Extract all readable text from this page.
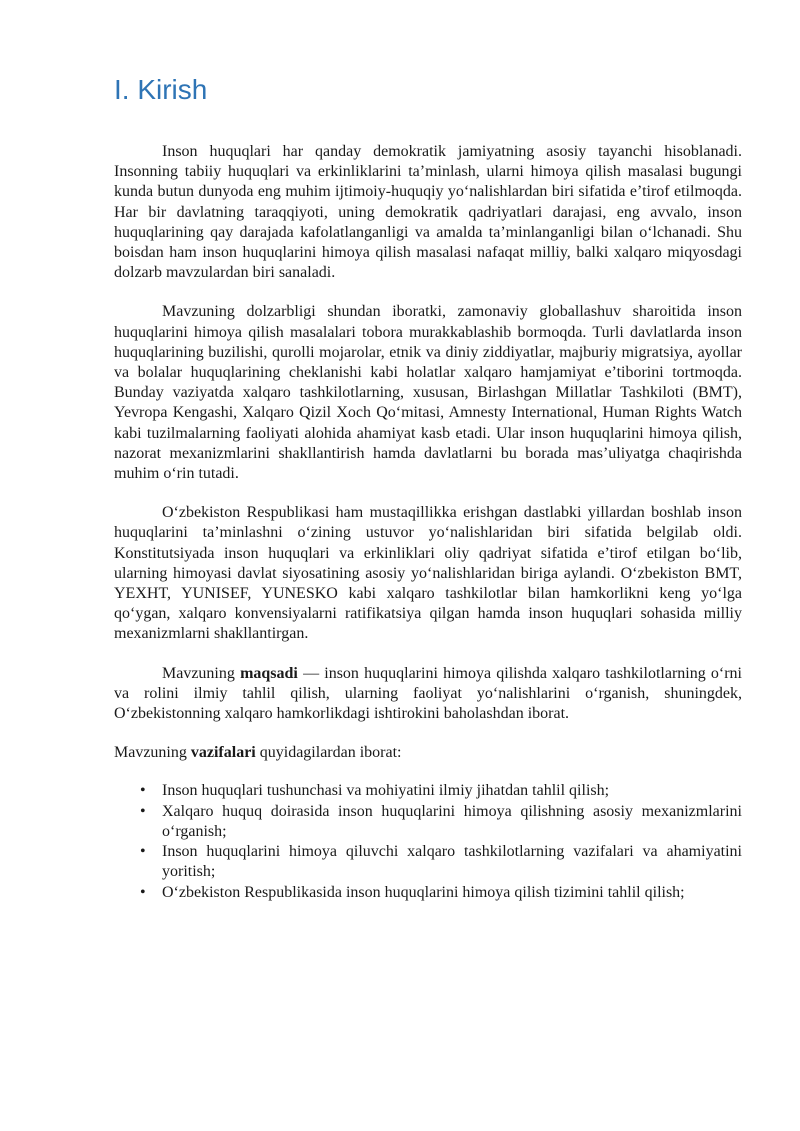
I. Kirish

Inson huquqlari har qanday demokratik jamiyatning asosiy tayanchi hisoblanadi. Insonning tabiiy huquqlari va erkinliklarini ta’minlash, ularni himoya qilish masalasi bugungi kunda butun dunyoda eng muhim ijtimoiy-huquqiy yo‘nalishlardan biri sifatida e’tirof etilmoqda. Har bir davlatning taraqqiyoti, uning demokratik qadriyatlari darajasi, eng avvalo, inson huquqlarining qay darajada kafolatlanganligi va amalda ta’minlanganligi bilan o‘lchanadi. Shu boisdan ham inson huquqlarini himoya qilish masalasi nafaqat milliy, balki xalqaro miqyosdagi dolzarb mavzulardan biri sanaladi.

Mavzuning dolzarbligi shundan iboratki, zamonaviy globallashuv sharoitida inson huquqlarini himoya qilish masalalari tobora murakkablashib bormoqda. Turli davlatlarda inson huquqlarining buzilishi, qurolli mojarolar, etnik va diniy ziddiyatlar, majburiy migratsiya, ayollar va bolalar huquqlarining cheklanishi kabi holatlar xalqaro hamjamiyat e’tiborini tortmoqda. Bunday vaziyatda xalqaro tashkilotlarning, xususan, Birlashgan Millatlar Tashkiloti (BMT), Yevropa Kengashi, Xalqaro Qizil Xoch Qo‘mitasi, Amnesty International, Human Rights Watch kabi tuzilmalarning faoliyati alohida ahamiyat kasb etadi. Ular inson huquqlarini himoya qilish, nazorat mexanizmlarini shakllantirish hamda davlatlarni bu borada mas’uliyatga chaqirishda muhim o‘rin tutadi.

O‘zbekiston Respublikasi ham mustaqillikka erishgan dastlabki yillardan boshlab inson huquqlarini ta’minlashni o‘zining ustuvor yo‘nalishlaridan biri sifatida belgilab oldi. Konstitutsiyada inson huquqlari va erkinliklari oliy qadriyat sifatida e’tirof etilgan bo‘lib, ularning himoyasi davlat siyosatining asosiy yo‘nalishlaridan biriga aylandi. O‘zbekiston BMT, YEXHT, YUNISEF, YUNESKO kabi xalqaro tashkilotlar bilan hamkorlikni keng yo‘lga qo‘ygan, xalqaro konvensiyalarni ratifikatsiya qilgan hamda inson huquqlari sohasida milliy mexanizmlarni shakllantirgan.

Mavzuning maqsadi — inson huquqlarini himoya qilishda xalqaro tashkilotlarning o‘rni va rolini ilmiy tahlil qilish, ularning faoliyat yo‘nalishlarini o‘rganish, shuningdek, O‘zbekistonning xalqaro hamkorlikdagi ishtirokini baholashdan iborat.

Mavzuning vazifalari quyidagilardan iborat:

• Inson huquqlari tushunchasi va mohiyatini ilmiy jihatdan tahlil qilish;
• Xalqaro huquq doirasida inson huquqlarini himoya qilishning asosiy mexanizmlarini o‘rganish;
• Inson huquqlarini himoya qiluvchi xalqaro tashkilotlarning vazifalari va ahamiyatini yoritish;
• O‘zbekiston Respublikasida inson huquqlarini himoya qilish tizimini tahlil qilish;
